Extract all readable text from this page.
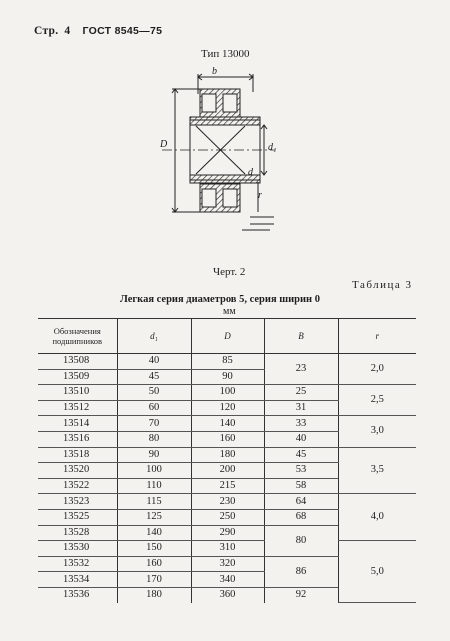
Стр. 4 ГОСТ 8545—75
Тип 13000
D
b
d
d₁
r
Черт. 2
Таблица 3
Легкая серия диаметров 5, серия ширин 0
мм
Обозначения подшипников	d₁	D	B	r
13508	40	85	23	2,0
13509	45	90		
13510	50	100	25	2,5
13512	60	120	31	
13514	70	140	33	3,0
13516	80	160	40	
13518	90	180	45	3,5
13520	100	200	53	
13522	110	215	58	
13523	115	230	64	4,0
13525	125	250	68	
13528	140	290	80	
13530	150	310		5,0
13532	160	320	86	
13534	170	340		
13536	180	360	92	
